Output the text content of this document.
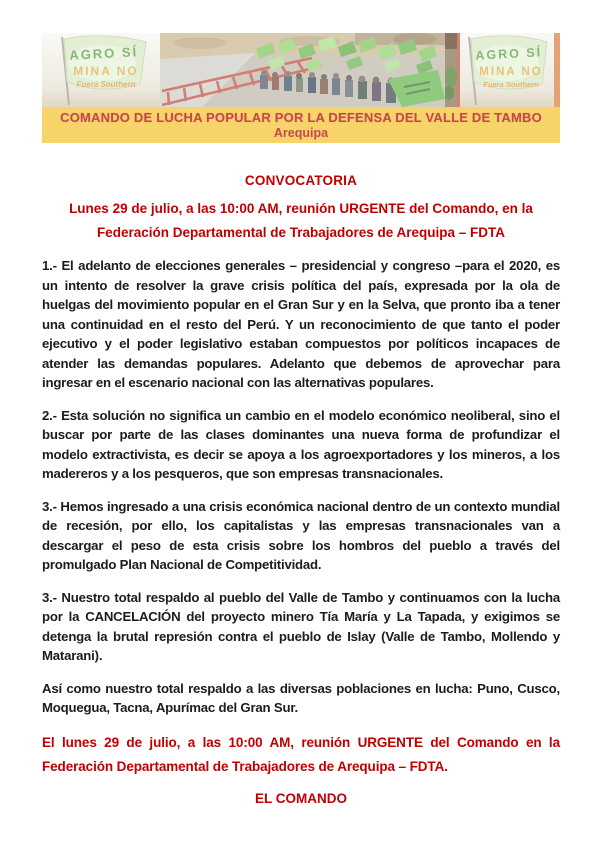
AGRO SÍ
MINA NO
Fuera Southern
AGRO SÍ
MINA NO
Fuera Southern
COMANDO DE LUCHA POPULAR POR LA DEFENSA DEL VALLE DE TAMBO
Arequipa
CONVOCATORIA
Lunes 29 de julio, a las 10:00 AM, reunión URGENTE del Comando, en la Federación Departamental de Trabajadores de Arequipa – FDTA

1.- El adelanto de elecciones generales – presidencial y congreso –para el 2020, es un intento de resolver la grave crisis política del país, expresada por la ola de huelgas del movimiento popular en el Gran Sur y en la Selva, que pronto iba a tener una continuidad en el resto del Perú. Y un reconocimiento de que tanto el poder ejecutivo y el poder legislativo estaban compuestos por políticos incapaces de atender las demandas populares. Adelanto que debemos de aprovechar para ingresar en el escenario nacional con las alternativas populares.

2.- Esta solución no significa un cambio en el modelo económico neoliberal, sino el buscar por parte de las clases dominantes una nueva forma de profundizar el modelo extractivista, es decir se apoya a los agroexportadores y los mineros, a los madereros y a los pesqueros, que son empresas transnacionales.

3.- Hemos ingresado a una crisis económica nacional dentro de un contexto mundial de recesión, por ello, los capitalistas y las empresas transnacionales van a descargar el peso de esta crisis sobre los hombros del pueblo a través del promulgado Plan Nacional de Competitividad.

3.- Nuestro total respaldo al pueblo del Valle de Tambo y continuamos con la lucha por la CANCELACIÓN del proyecto minero Tía María y La Tapada, y exigimos se detenga la brutal represión contra el pueblo de Islay (Valle de Tambo, Mollendo y Matarani).

Así como nuestro total respaldo a las diversas poblaciones en lucha: Puno, Cusco, Moquegua, Tacna, Apurímac del Gran Sur.

El lunes 29 de julio, a las 10:00 AM, reunión URGENTE del Comando en la Federación Departamental de Trabajadores de Arequipa – FDTA.

EL COMANDO
